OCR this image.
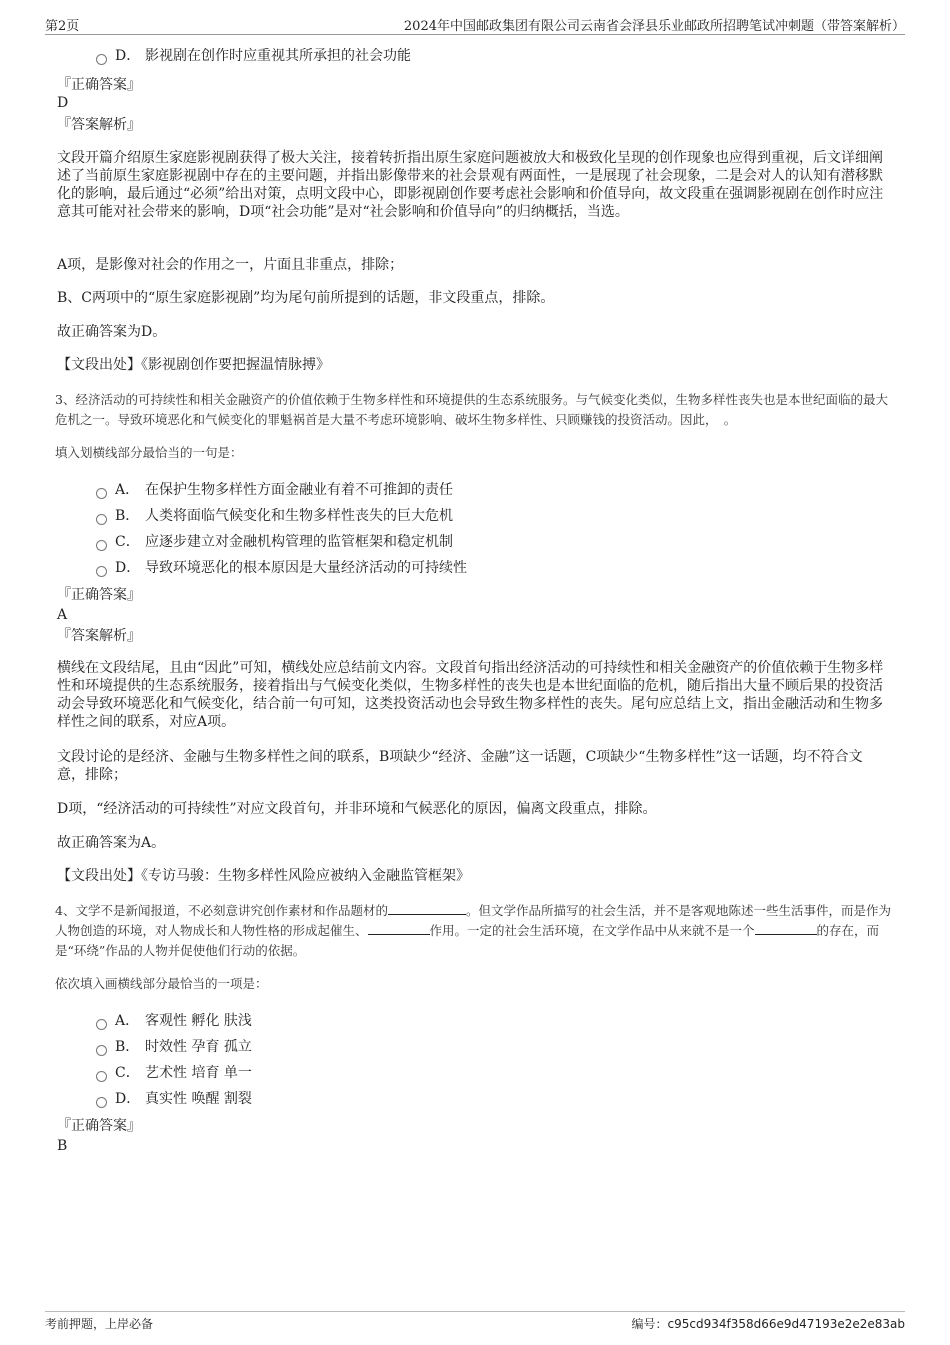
第2页	2024年中国邮政集团有限公司云南省会泽县乐业邮政所招聘笔试冲刺题（带答案解析）
D． 影视剧在创作时应重视其所承担的社会功能
『正确答案』
D
『答案解析』
文段开篇介绍原生家庭影视剧获得了极大关注，接着转折指出原生家庭问题被放大和极致化呈现的创作现象也应得到重视，后文详细阐述了当前原生家庭影视剧中存在的主要问题，并指出影像带来的社会景观有两面性，一是展现了社会现象，二是会对人的认知有潜移默化的影响，最后通过“必须”给出对策，点明文段中心，即影视剧创作要考虑社会影响和价值导向，故文段重在强调影视剧在创作时应注意其可能对社会带来的影响，D项“社会功能”是对“社会影响和价值导向”的归纳概括，当选。
A项，是影像对社会的作用之一，片面且非重点，排除；
B、C两项中的“原生家庭影视剧”均为尾句前所提到的话题，非文段重点，排除。
故正确答案为D。
【文段出处】《影视剧创作要把握温情脉搏》
3、经济活动的可持续性和相关金融资产的价值依赖于生物多样性和环境提供的生态系统服务。与气候变化类似，生物多样性丧失也是本世纪面临的最大危机之一。导致环境恶化和气候变化的罪魁祸首是大量不考虑环境影响、破坏生物多样性、只顾赚钱的投资活动。因此，　。
填入划横线部分最恰当的一句是：
A． 在保护生物多样性方面金融业有着不可推卸的责任
B． 人类将面临气候变化和生物多样性丧失的巨大危机
C． 应逐步建立对金融机构管理的监管框架和稳定机制
D． 导致环境恶化的根本原因是大量经济活动的可持续性
『正确答案』
A
『答案解析』
横线在文段结尾，且由“因此”可知，横线处应总结前文内容。文段首句指出经济活动的可持续性和相关金融资产的价值依赖于生物多样性和环境提供的生态系统服务，接着指出与气候变化类似，生物多样性的丧失也是本世纪面临的危机，随后指出大量不顾后果的投资活动会导致环境恶化和气候变化，结合前一句可知，这类投资活动也会导致生物多样性的丧失。尾句应总结上文，指出金融活动和生物多样性之间的联系，对应A项。
文段讨论的是经济、金融与生物多样性之间的联系，B项缺少“经济、金融”这一话题，C项缺少“生物多样性”这一话题，均不符合文意，排除；
D项，“经济活动的可持续性”对应文段首句，并非环境和气候恶化的原因，偏离文段重点，排除。
故正确答案为A。
【文段出处】《专访马骏：生物多样性风险应被纳入金融监管框架》
4、文学不是新闻报道，不必刻意讲究创作素材和作品题材的	。但文学作品所描写的社会生活，并不是客观地陈述一些生活事件，而是作为人物创造的环境，对人物成长和人物性格的形成起催生、	作用。一定的社会生活环境，在文学作品中从来就不是一个	的存在，而是“环绕”作品的人物并促使他们行动的依据。
依次填入画横线部分最恰当的一项是：
A． 客观性 孵化 肤浅
B． 时效性 孕育 孤立
C． 艺术性 培育 单一
D． 真实性 唤醒 割裂
『正确答案』
B
考前押题，上岸必备	编号：c95cd934f358d66e9d47193e2e2e83ab
